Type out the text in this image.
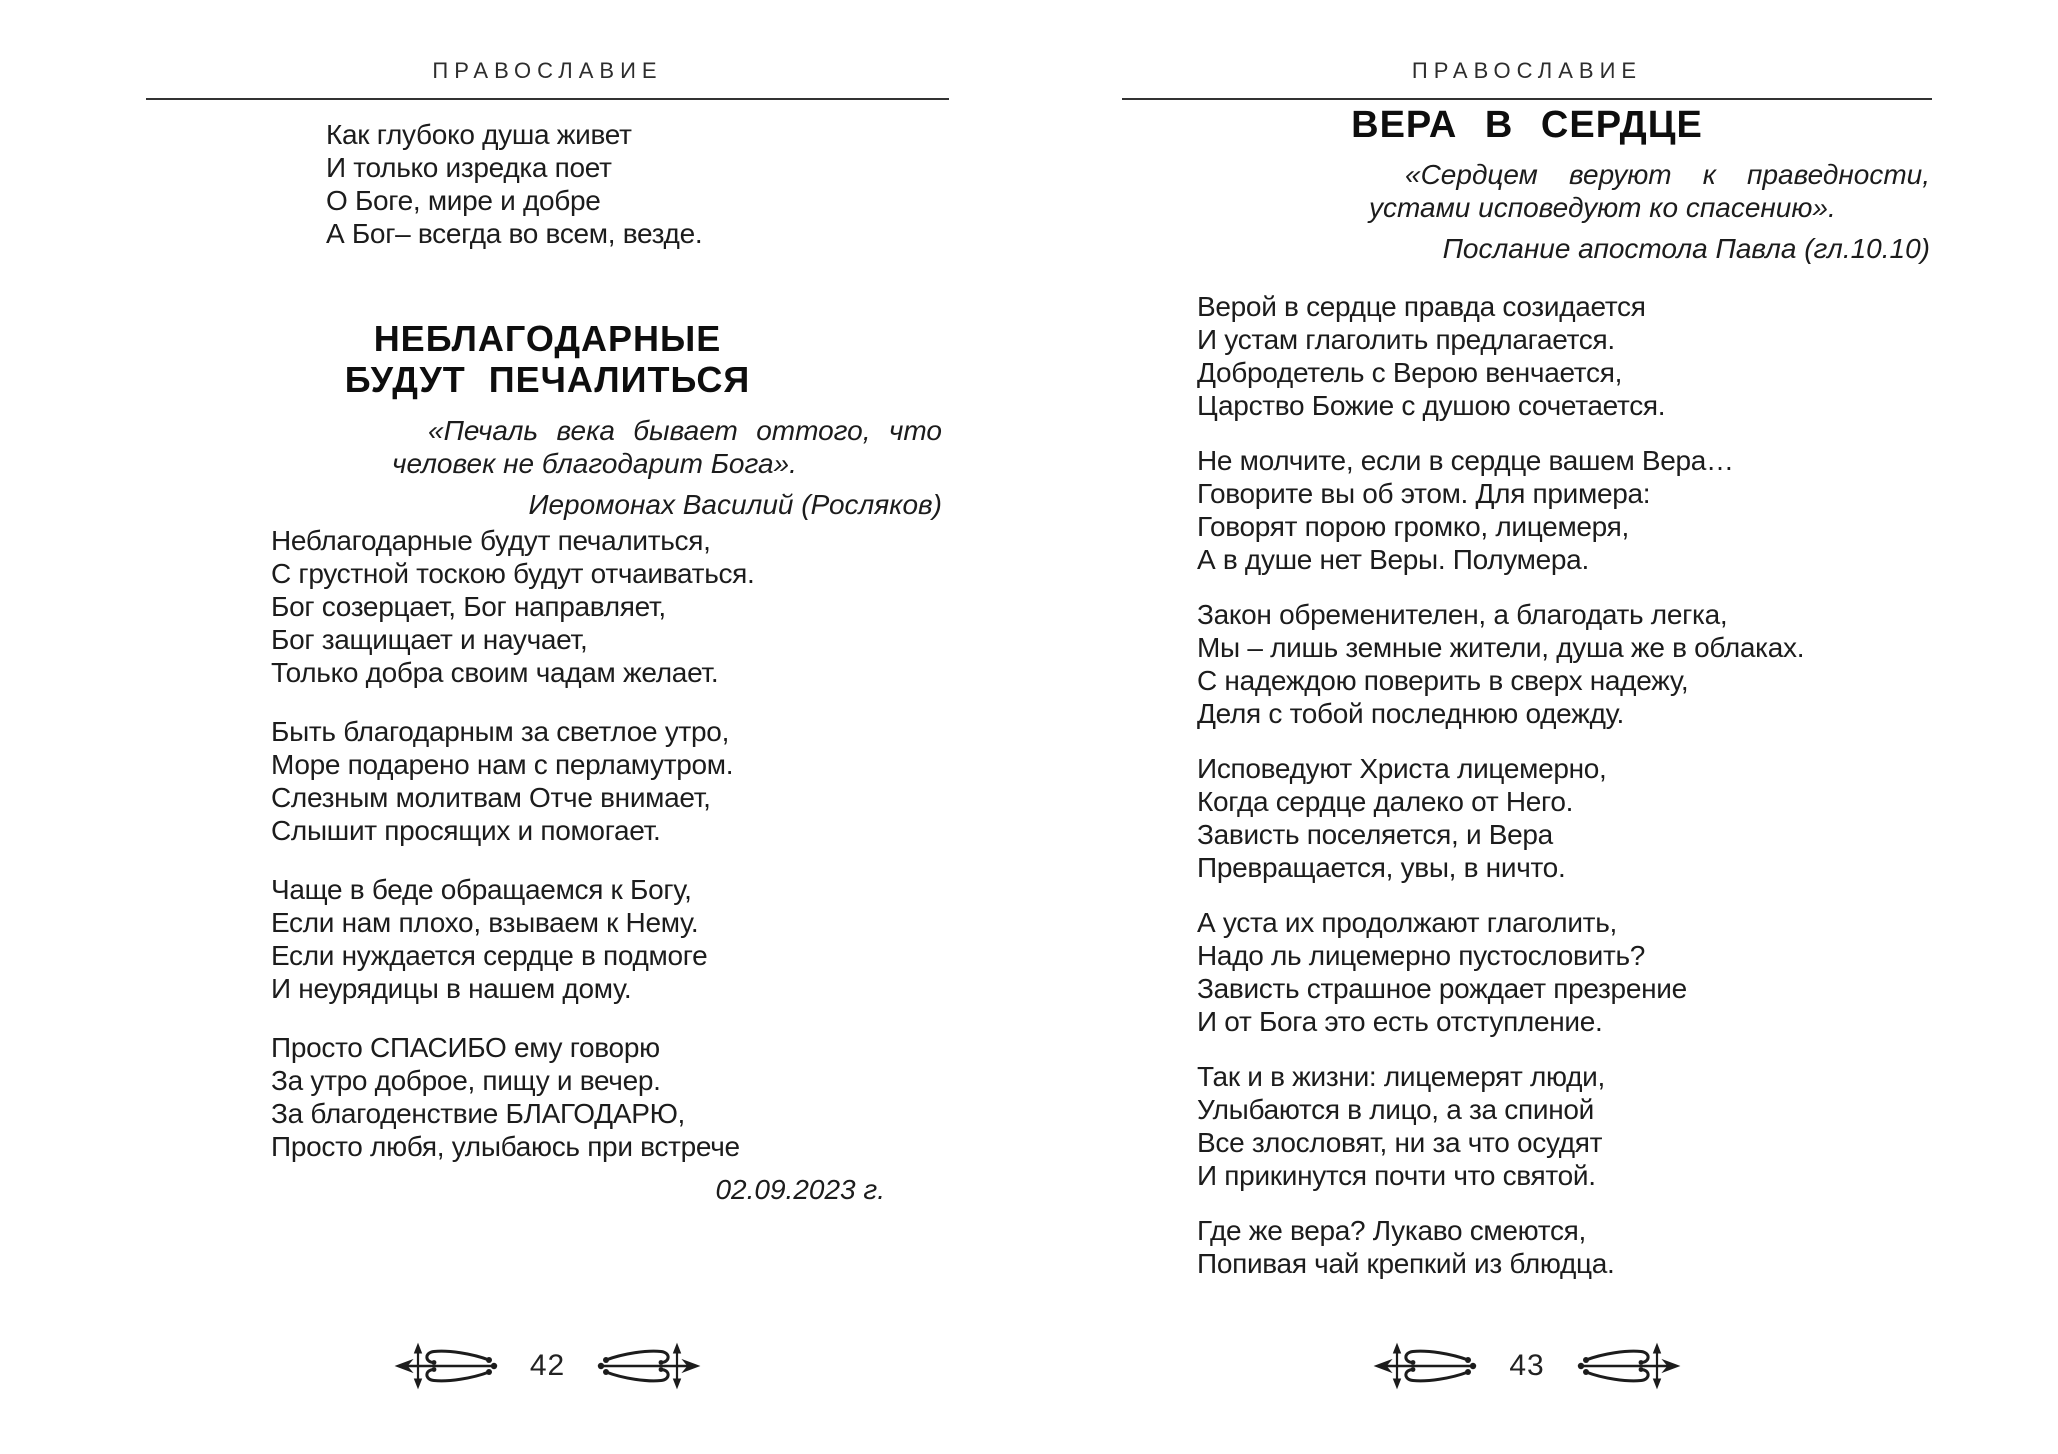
ПРАВОСЛАВИЕ
Как глубоко душа живет
И только изредка поет
О Боге, мире и добре
А Бог– всегда во всем, везде.
НЕБЛАГОДАРНЫЕ
БУДУТ ПЕЧАЛИТЬСЯ
«Печаль века бывает оттого, что
человек не благодарит Бога».
Иеромонах Василий (Росляков)
Неблагодарные будут печалиться,
С грустной тоскою будут отчаиваться.
Бог созерцает, Бог направляет,
Бог защищает и научает,
Только добра своим чадам желает.
Быть благодарным за светлое утро,
Море подарено нам с перламутром.
Слезным молитвам Отче внимает,
Слышит просящих и помогает.
Чаще в беде обращаемся к Богу,
Если нам плохо, взываем к Нему.
Если нуждается сердце в подмоге
И неурядицы в нашем дому.
Просто СПАСИБО ему говорю
За утро доброе, пищу и вечер.
За благоденствие БЛАГОДАРЮ,
Просто любя, улыбаюсь при встрече
02.09.2023 г.
42
ПРАВОСЛАВИЕ
ВЕРА В СЕРДЦЕ
«Сердцем веруют к праведности,
устами исповедуют ко спасению».
Послание апостола Павла (гл.10.10)
Верой в сердце правда созидается
И устам глаголить предлагается.
Добродетель с Верою венчается,
Царство Божие с душою сочетается.
Не молчите, если в сердце вашем Вера…
Говорите вы об этом. Для примера:
Говорят порою громко, лицемеря,
А в душе нет Веры. Полумера.
Закон обременителен, а благодать легка,
Мы – лишь земные жители, душа же в облаках.
С надеждою поверить в сверх надежу,
Деля с тобой последнюю одежду.
Исповедуют Христа лицемерно,
Когда сердце далеко от Него.
Зависть поселяется, и Вера
Превращается, увы, в ничто.
А уста их продолжают глаголить,
Надо ль лицемерно пустословить?
Зависть страшное рождает презрение
И от Бога это есть отступление.
Так и в жизни: лицемерят люди,
Улыбаются в лицо, а за спиной
Все злословят, ни за что осудят
И прикинутся почти что святой.
Где же вера? Лукаво смеются,
Попивая чай крепкий из блюдца.
43
